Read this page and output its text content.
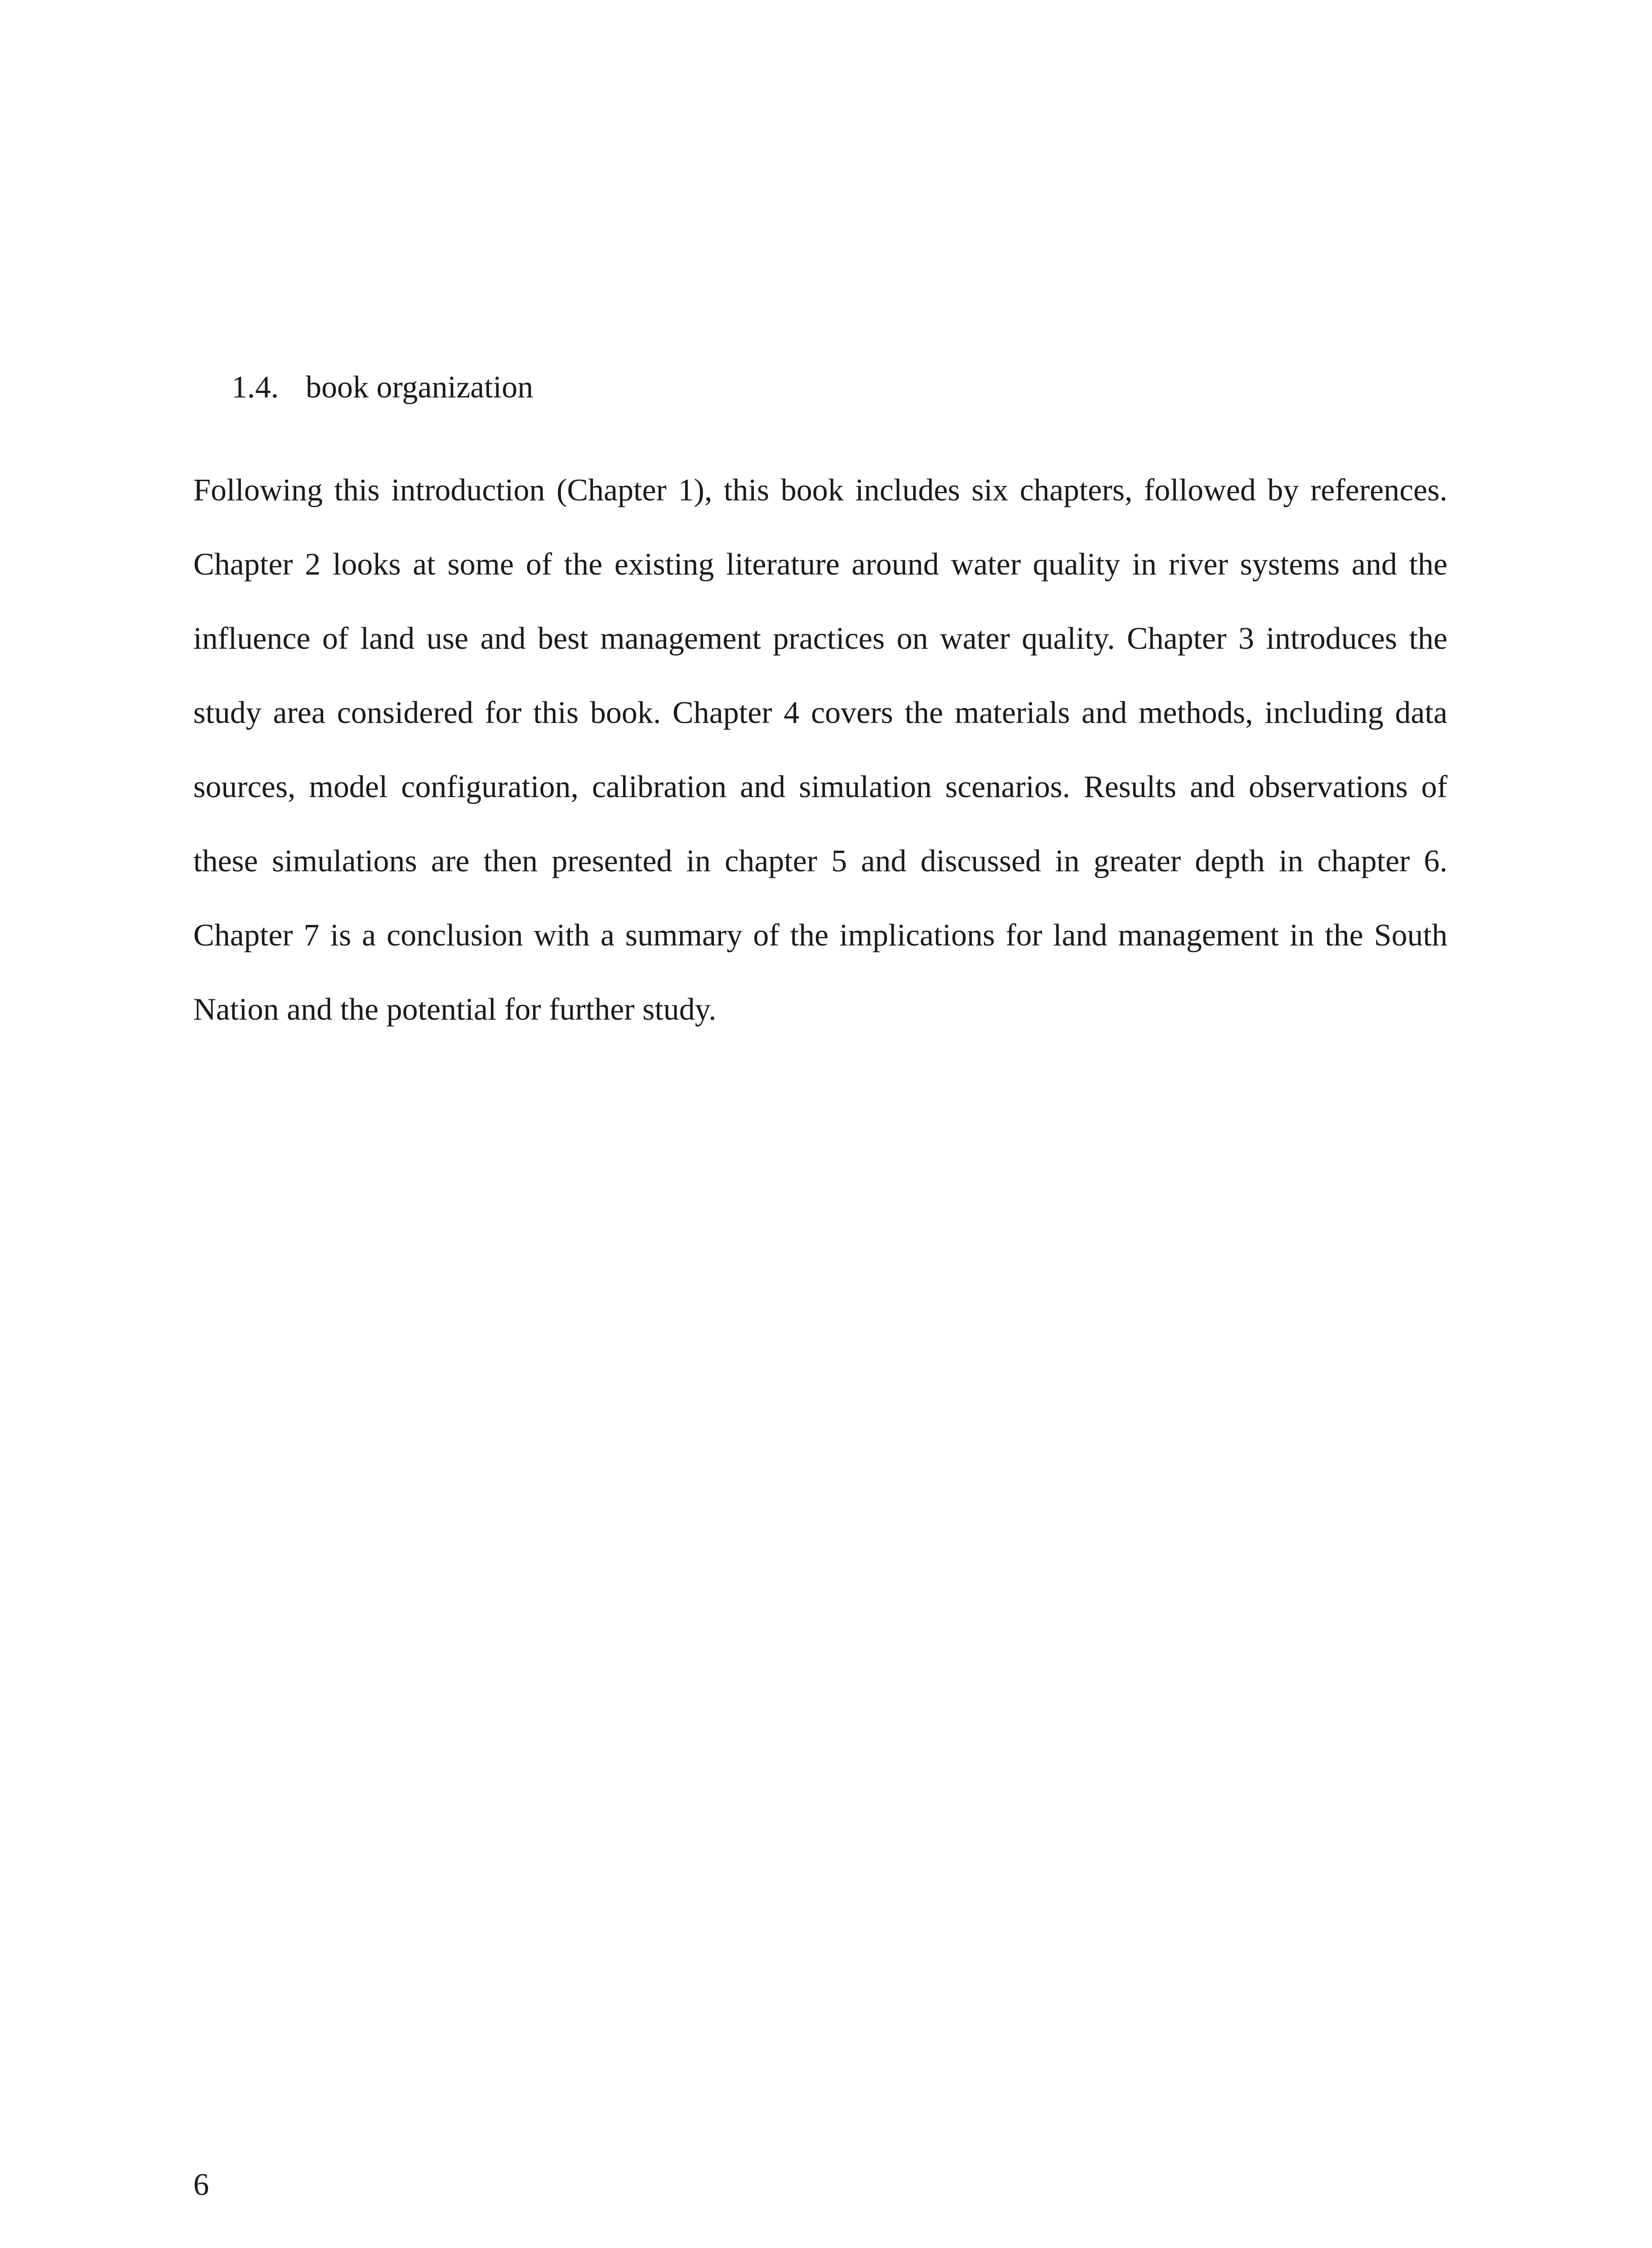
1.4. book organization

Following this introduction (Chapter 1), this book includes six chapters, followed by references. Chapter 2 looks at some of the existing literature around water quality in river systems and the influence of land use and best management practices on water quality. Chapter 3 introduces the study area considered for this book. Chapter 4 covers the materials and methods, including data sources, model configuration, calibration and simulation scenarios. Results and observations of these simulations are then presented in chapter 5 and discussed in greater depth in chapter 6. Chapter 7 is a conclusion with a summary of the implications for land management in the South Nation and the potential for further study.

6
